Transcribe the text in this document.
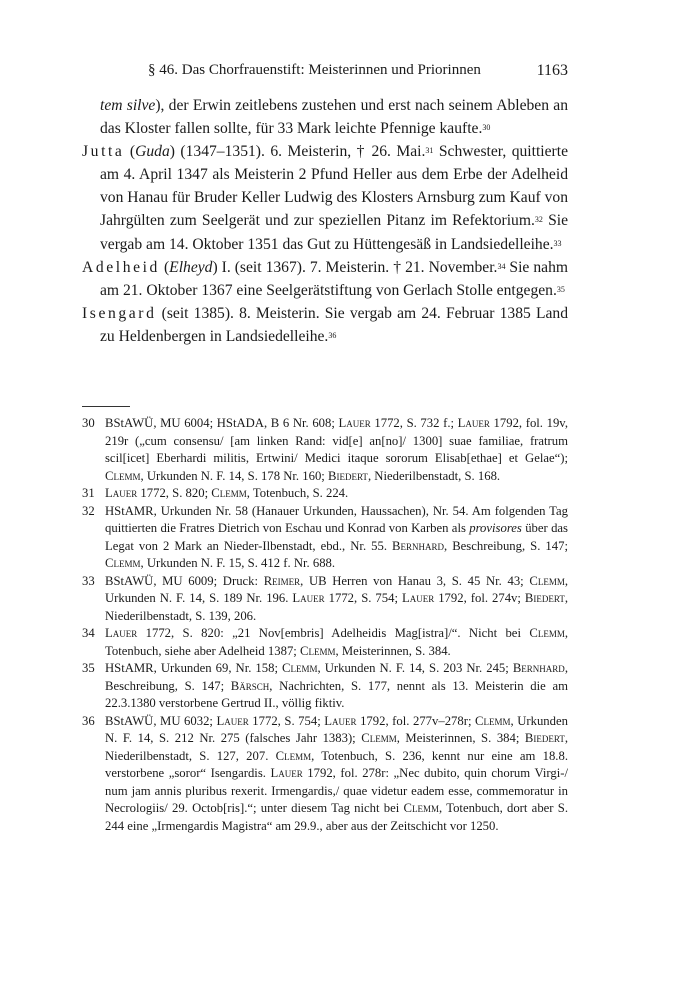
§ 46. Das Chorfrauenstift: Meisterinnen und Priorinnen	1163

tem silve), der Erwin zeitlebens zustehen und erst nach seinem Ableben an das Kloster fallen sollte, für 33 Mark leichte Pfennige kaufte.$^{30}$

Jutta (Guda) (1347–1351). 6. Meisterin, † 26. Mai.$^{31}$ Schwester, quittierte am 4. April 1347 als Meisterin 2 Pfund Heller aus dem Erbe der Adelheid von Hanau für Bruder Keller Ludwig des Klosters Arnsburg zum Kauf von Jahrgülten zum Seelgerät und zur speziellen Pitanz im Refektorium.$^{32}$ Sie vergab am 14. Oktober 1351 das Gut zu Hüttengesäß in Landsiedelleihe.$^{33}$

Adelheid (Elheyd) I. (seit 1367). 7. Meisterin. † 21. November.$^{34}$ Sie nahm am 21. Oktober 1367 eine Seelgerätstiftung von Gerlach Stolle entgegen.$^{35}$

Isengard (seit 1385). 8. Meisterin. Sie vergab am 24. Februar 1385 Land zu Heldenbergen in Landsiedelleihe.$^{36}$

30 BStAWÜ, MU 6004; HStADA, B 6 Nr. 608; Lauer 1772, S. 732 f.; Lauer 1792, fol. 19v, 219r („cum consensu/ [am linken Rand: vid[e] an[no]/ 1300] suae familiae, fratrum scil[icet] Eberhardi militis, Ertwini/ Medici itaque sororum Elisab[ethae] et Gelae“); Clemm, Urkunden N. F. 14, S. 178 Nr. 160; Biedert, Niederilbenstadt, S. 168.
31 Lauer 1772, S. 820; Clemm, Totenbuch, S. 224.
32 HStAMR, Urkunden Nr. 58 (Hanauer Urkunden, Haussachen), Nr. 54. Am folgenden Tag quittierten die Fratres Dietrich von Eschau und Konrad von Karben als provisores über das Legat von 2 Mark an Nieder-Ilbenstadt, ebd., Nr. 55. Bernhard, Beschreibung, S. 147; Clemm, Urkunden N. F. 15, S. 412 f. Nr. 688.
33 BStAWÜ, MU 6009; Druck: Reimer, UB Herren von Hanau 3, S. 45 Nr. 43; Clemm, Urkunden N. F. 14, S. 189 Nr. 196. Lauer 1772, S. 754; Lauer 1792, fol. 274v; Biedert, Niederilbenstadt, S. 139, 206.
34 Lauer 1772, S. 820: „21 Nov[embris] Adelheidis Mag[istra]/“. Nicht bei Clemm, Totenbuch, siehe aber Adelheid 1387; Clemm, Meisterinnen, S. 384.
35 HStAMR, Urkunden 69, Nr. 158; Clemm, Urkunden N. F. 14, S. 203 Nr. 245; Bernhard, Beschreibung, S. 147; Bärsch, Nachrichten, S. 177, nennt als 13. Meisterin die am 22.3.1380 verstorbene Gertrud II., völlig fiktiv.
36 BStAWÜ, MU 6032; Lauer 1772, S. 754; Lauer 1792, fol. 277v–278r; Clemm, Urkunden N. F. 14, S. 212 Nr. 275 (falsches Jahr 1383); Clemm, Meisterinnen, S. 384; Biedert, Niederilbenstadt, S. 127, 207. Clemm, Totenbuch, S. 236, kennt nur eine am 18.8. verstorbene „soror“ Isengardis. Lauer 1792, fol. 278r: „Nec dubito, quin chorum Virgi-/ num jam annis pluribus rexerit. Irmengardis,/ quae videtur eadem esse, commemoratur in Necrologiis/ 29. Octob[ris].“; unter diesem Tag nicht bei Clemm, Totenbuch, dort aber S. 244 eine „Irmengardis Magistra“ am 29.9., aber aus der Zeitschicht vor 1250.
